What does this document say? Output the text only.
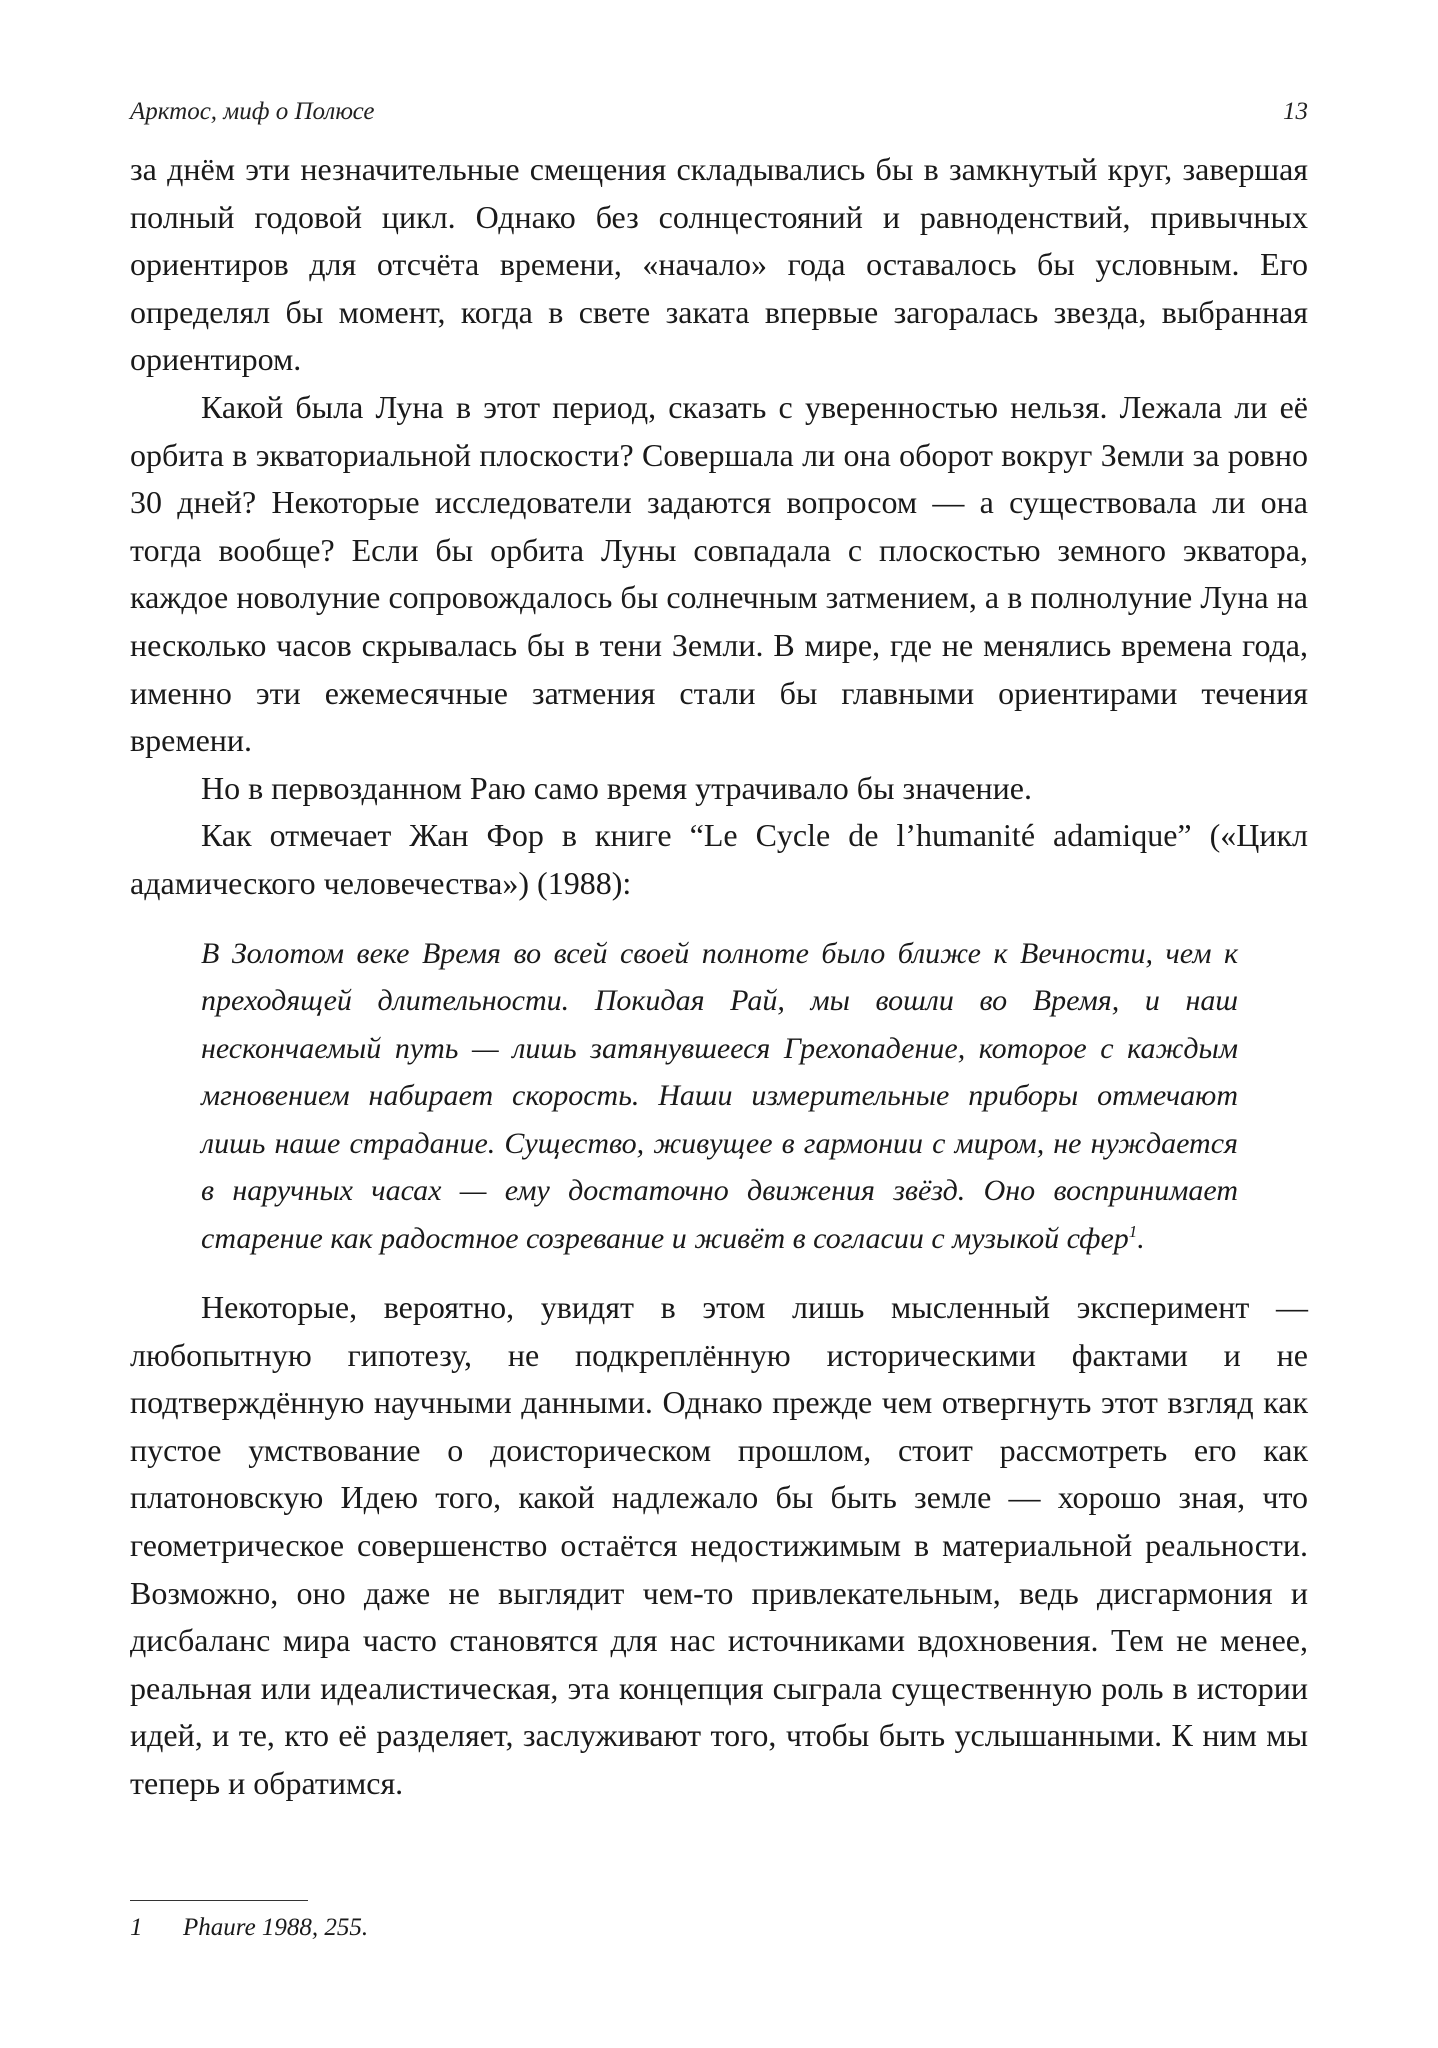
Арктос, миф о Полюсе	13

за днём эти незначительные смещения складывались бы в замкнутый круг, завершая полный годовой цикл. Однако без солнцестояний и равноденствий, привычных ориентиров для отсчёта времени, «начало» года оставалось бы условным. Его определял бы момент, когда в свете заката впервые загоралась звезда, выбранная ориентиром.

Какой была Луна в этот период, сказать с уверенностью нельзя. Лежала ли её орбита в экваториальной плоскости? Совершала ли она оборот вокруг Земли за ровно 30 дней? Некоторые исследователи задаются вопросом — а существовала ли она тогда вообще? Если бы орбита Луны совпадала с плоскостью земного экватора, каждое новолуние сопровождалось бы солнечным затмением, а в полнолуние Луна на несколько часов скрывалась бы в тени Земли. В мире, где не менялись времена года, именно эти ежемесячные затмения стали бы главными ориентирами течения времени.

Но в первозданном Раю само время утрачивало бы значение.

Как отмечает Жан Фор в книге “Le Cycle de l’humanité adamique” («Цикл адамического человечества») (1988):

В Золотом веке Время во всей своей полноте было ближе к Вечности, чем к преходящей длительности. Покидая Рай, мы вошли во Время, и наш нескончаемый путь — лишь затянувшееся Грехопадение, которое с каждым мгновением набирает скорость. Наши измерительные приборы отмечают лишь наше страдание. Существо, живущее в гармонии с миром, не нуждается в наручных часах — ему достаточно движения звёзд. Оно воспринимает старение как радостное созревание и живёт в согласии с музыкой сфер$^1$.

Некоторые, вероятно, увидят в этом лишь мысленный эксперимент — любопытную гипотезу, не подкреплённую историческими фактами и не подтверждённую научными данными. Однако прежде чем отвергнуть этот взгляд как пустое умствование о доисторическом прошлом, стоит рассмотреть его как платоновскую Идею того, какой надлежало бы быть земле — хорошо зная, что геометрическое совершенство остаётся недостижимым в материальной реальности. Возможно, оно даже не выглядит чем-то привлекательным, ведь дисгармония и дисбаланс мира часто становятся для нас источниками вдохновения. Тем не менее, реальная или идеалистическая, эта концепция сыграла существенную роль в истории идей, и те, кто её разделяет, заслуживают того, чтобы быть услышанными. К ним мы теперь и обратимся.

1 Phaure 1988, 255.
